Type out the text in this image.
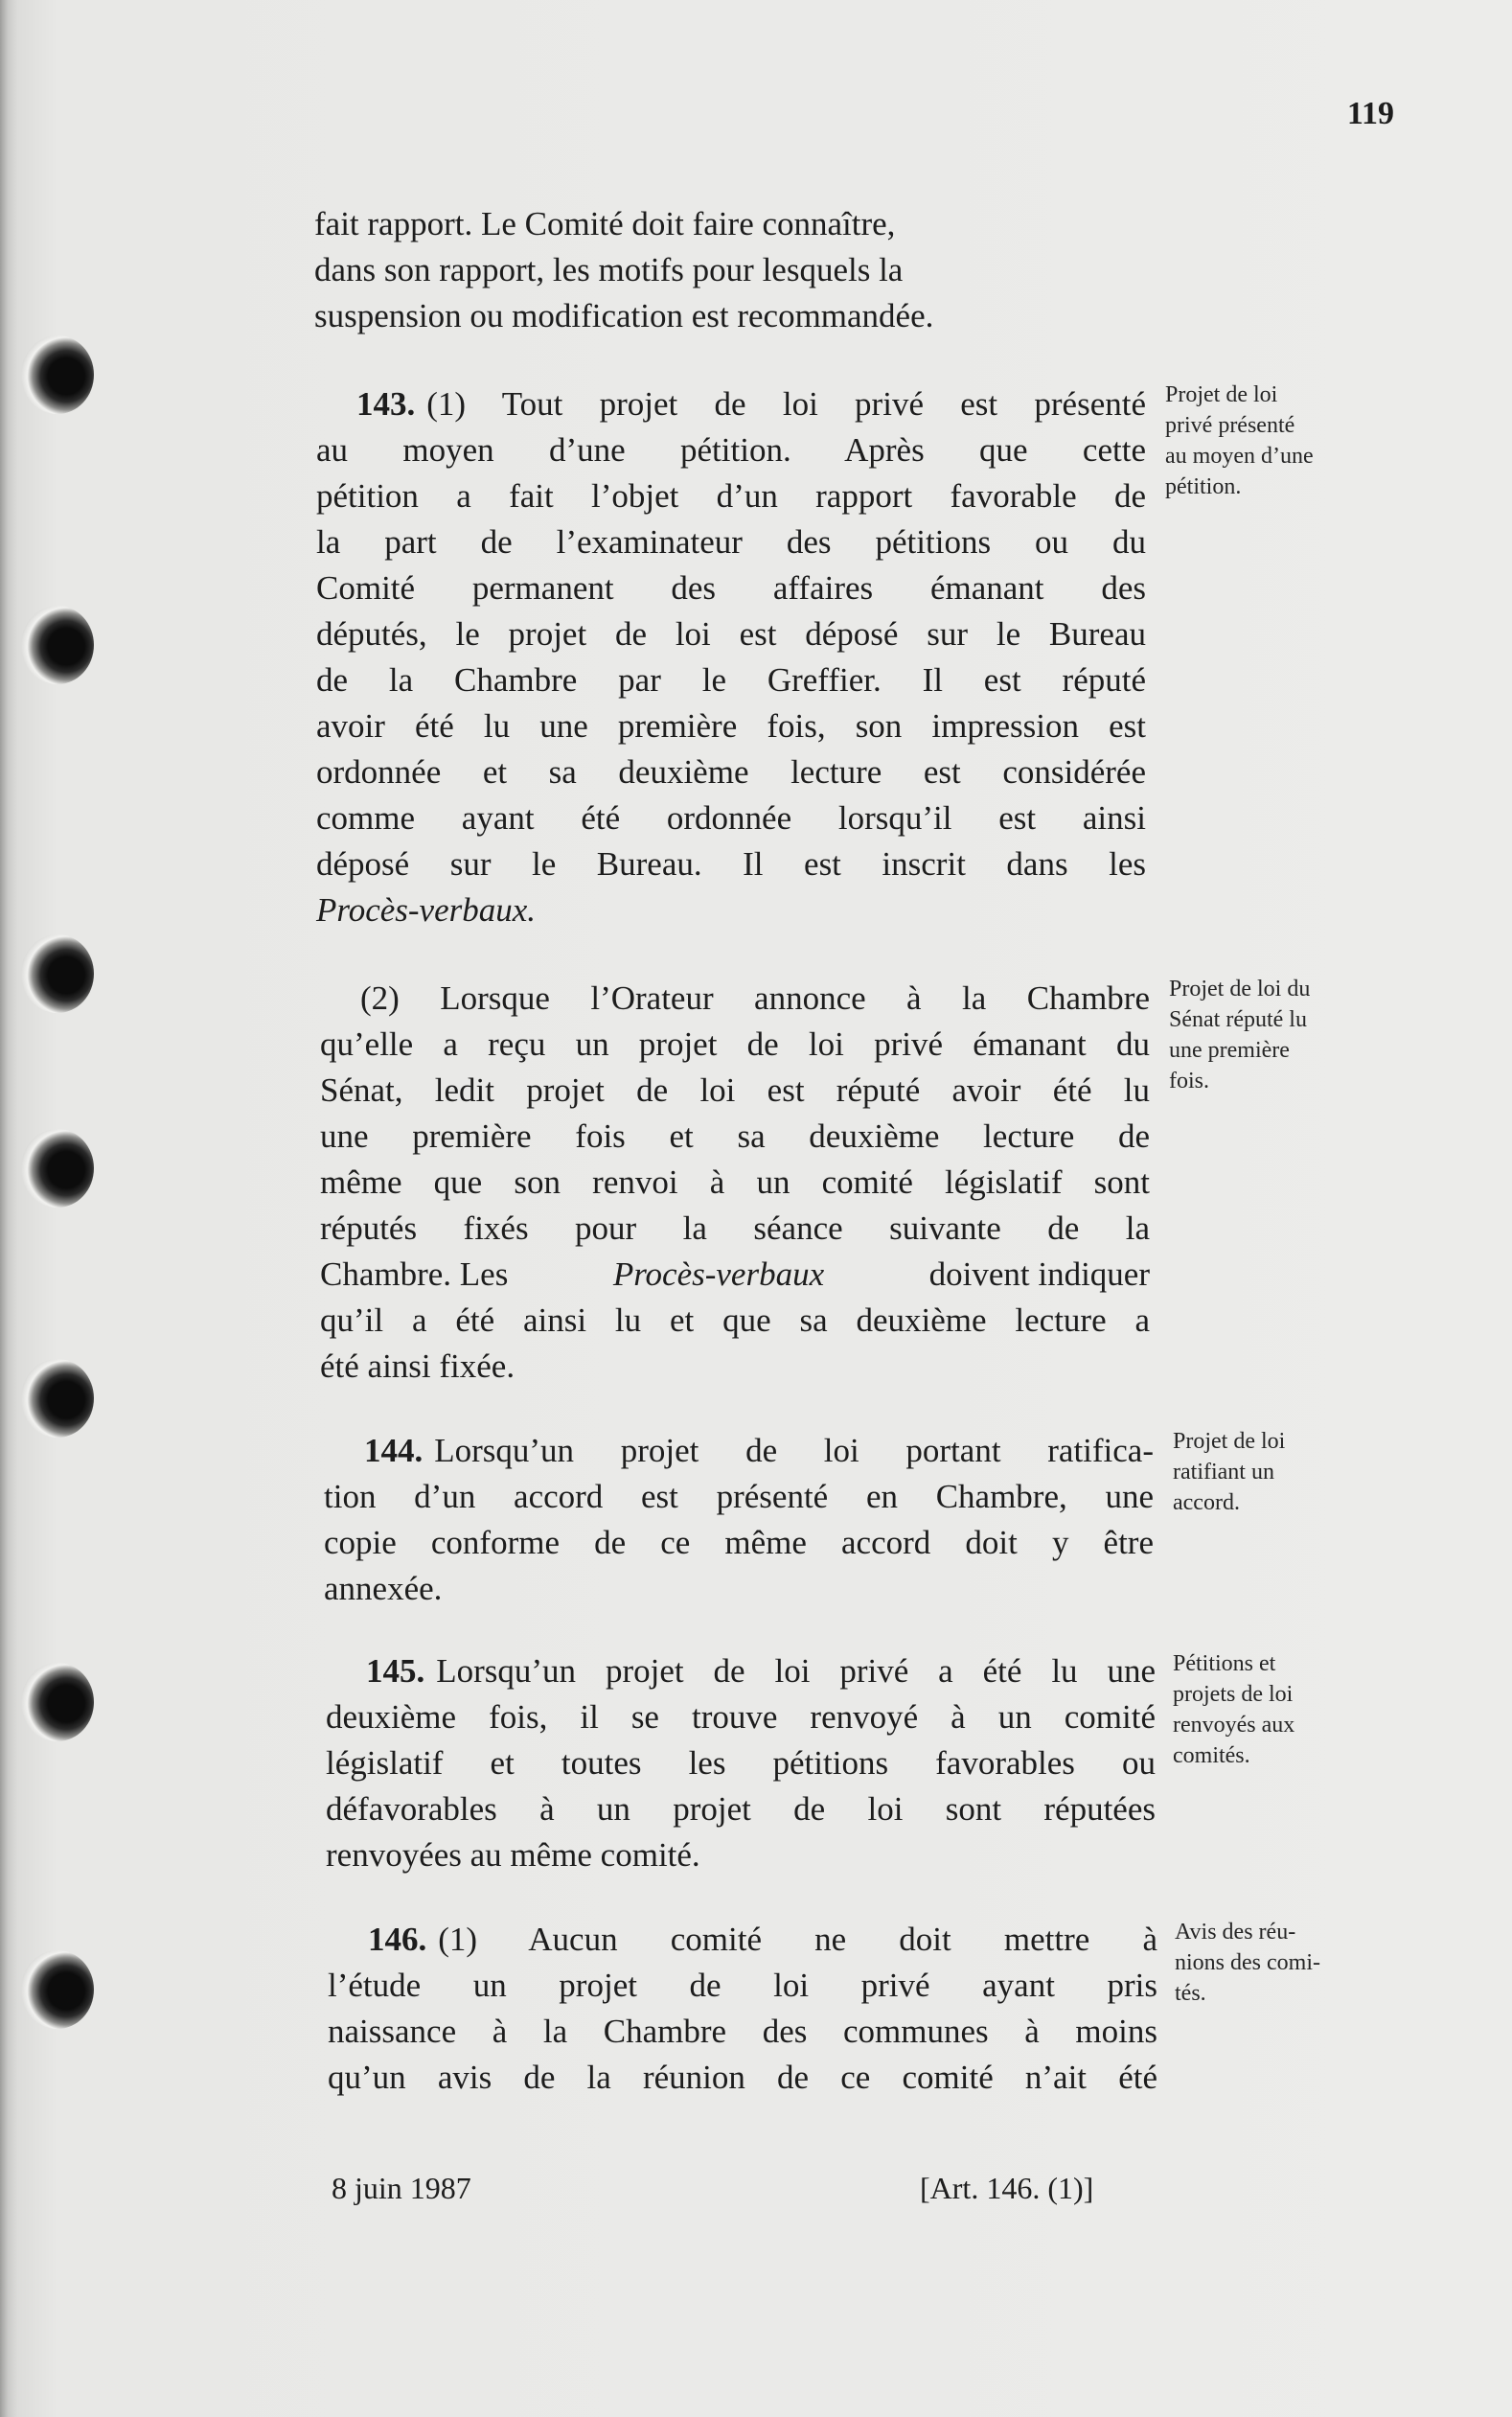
119
fait rapport. Le Comité doit faire connaître,
dans son rapport, les motifs pour lesquels la
suspension ou modification est recommandée.
143. (1) Tout projet de loi privé est présenté
au moyen d’une pétition. Après que cette
pétition a fait l’objet d’un rapport favorable de
la part de l’examinateur des pétitions ou du
Comité permanent des affaires émanant des
députés, le projet de loi est déposé sur le Bureau
de la Chambre par le Greffier. Il est réputé
avoir été lu une première fois, son impression est
ordonnée et sa deuxième lecture est considérée
comme ayant été ordonnée lorsqu’il est ainsi
déposé sur le Bureau. Il est inscrit dans les
Procès-verbaux.
(2) Lorsque l’Orateur annonce à la Chambre
qu’elle a reçu un projet de loi privé émanant du
Sénat, ledit projet de loi est réputé avoir été lu
une première fois et sa deuxième lecture de
même que son renvoi à un comité législatif sont
réputés fixés pour la séance suivante de la
Chambre. Les	Procès-verbaux	doivent indiquer
qu’il a été ainsi lu et que sa deuxième lecture a
été ainsi fixée.
144. Lorsqu’un projet de loi portant ratifica-
tion d’un accord est présenté en Chambre, une
copie conforme de ce même accord doit y être
annexée.
145. Lorsqu’un projet de loi privé a été lu une
deuxième fois, il se trouve renvoyé à un comité
législatif et toutes les pétitions favorables ou
défavorables à un projet de loi sont réputées
renvoyées au même comité.
146. (1) Aucun comité ne doit mettre à
l’étude un projet de loi privé ayant pris
naissance à la Chambre des communes à moins
qu’un avis de la réunion de ce comité n’ait été
Projet de loi
privé présenté
au moyen d’une
pétition.
Projet de loi du
Sénat réputé lu
une première
fois.
Projet de loi
ratifiant un
accord.
Pétitions et
projets de loi
renvoyés aux
comités.
Avis des réu-
nions des comi-
tés.
8 juin 1987	[Art. 146. (1)]
